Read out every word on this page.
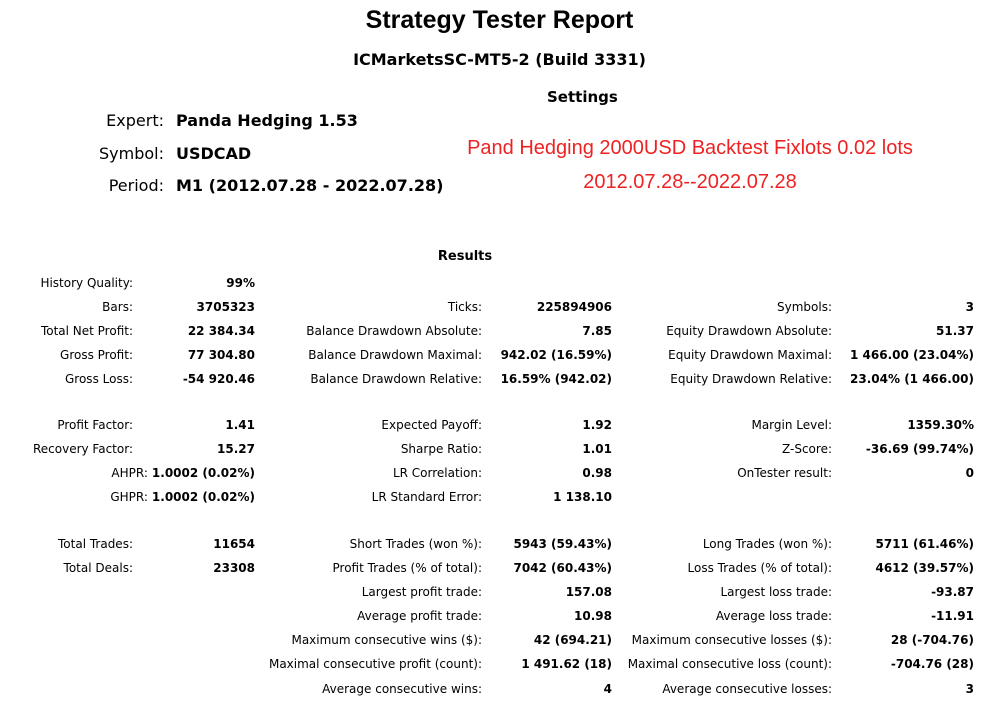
Strategy Tester Report
ICMarketsSC-MT5-2 (Build 3331)
Settings
Expert: Panda Hedging 1.53
Symbol: USDCAD
Period: M1 (2012.07.28 - 2022.07.28)
Pand Hedging 2000USD Backtest Fixlots 0.02 lots
2012.07.28--2022.07.28
Results
History Quality:	99%
Bars:	3705323	Ticks:	225894906	Symbols:	3
Total Net Profit:	22 384.34	Balance Drawdown Absolute:	7.85	Equity Drawdown Absolute:	51.37
Gross Profit:	77 304.80	Balance Drawdown Maximal: 942.02 (16.59%)	Equity Drawdown Maximal: 1 466.00 (23.04%)
Gross Loss:	-54 920.46	Balance Drawdown Relative: 16.59% (942.02)	Equity Drawdown Relative: 23.04% (1 466.00)
Profit Factor:	1.41	Expected Payoff:	1.92	Margin Level:	1359.30%
Recovery Factor:	15.27	Sharpe Ratio:	1.01	Z-Score:	-36.69 (99.74%)
AHPR: 1.0002 (0.02%)	LR Correlation:	0.98	OnTester result:	0
GHPR: 1.0002 (0.02%)	LR Standard Error:	1 138.10
Total Trades:	11654	Short Trades (won %):	5943 (59.43%)	Long Trades (won %):	5711 (61.46%)
Total Deals:	23308	Profit Trades (% of total):	7042 (60.43%)	Loss Trades (% of total):	4612 (39.57%)
Largest profit trade:	157.08	Largest loss trade:	-93.87
Average profit trade:	10.98	Average loss trade:	-11.91
Maximum consecutive wins ($):	42 (694.21) Maximum consecutive losses ($):	28 (-704.76)
Maximal consecutive profit (count):	1 491.62 (18) Maximal consecutive loss (count):	-704.76 (28)
Average consecutive wins:	4	Average consecutive losses:	3
